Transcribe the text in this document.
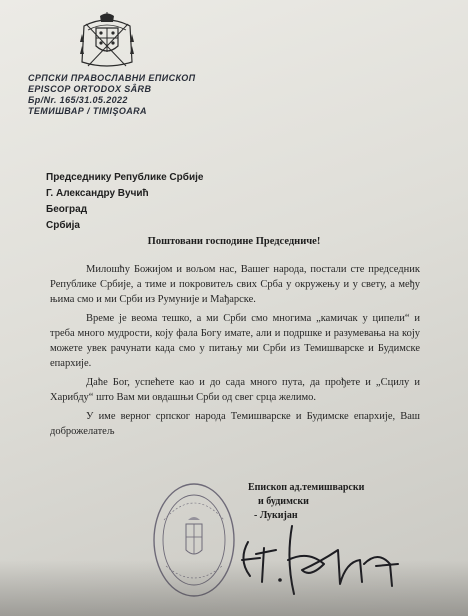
СРПСКИ ПРАВОСЛАВНИ ЕПИСКОП
EPISCOP ORTODOX SÂRB
Бр/Nr. 165/31.05.2022
ТЕМИШВАР / TIMIŞOARA
Председнику Републике Србије
Г. Александру Вучић
Београд
Србија
Поштовани господине Председниче!

Милошћу Божијом и вољом нас, Вашег народа, постали сте председник Републике Србије, а тиме и покровитељ свих Срба у окружењу и у свету, а међу њима смо и ми Срби из Румуније и Мађарске.

Време је веома тешко, а ми Срби смо многима „камичак у ципели“ и треба много мудрости, коју фала Богу имате, али и подршке и разумевања на коју можете увек рачунати када смо у питању ми Срби из Темишварске и Будимске епархије.

Даће Бог, успећете као и до сада много пута, да прођете и „Сцилу и Харибду“ што Вам ми овдашњи Срби од свег срца желимо.

У име верног српског народа Темишварске и Будимске епархије, Ваш доброжелатељ

Епископ ад.темишварски
и будимски
- Лукијан
